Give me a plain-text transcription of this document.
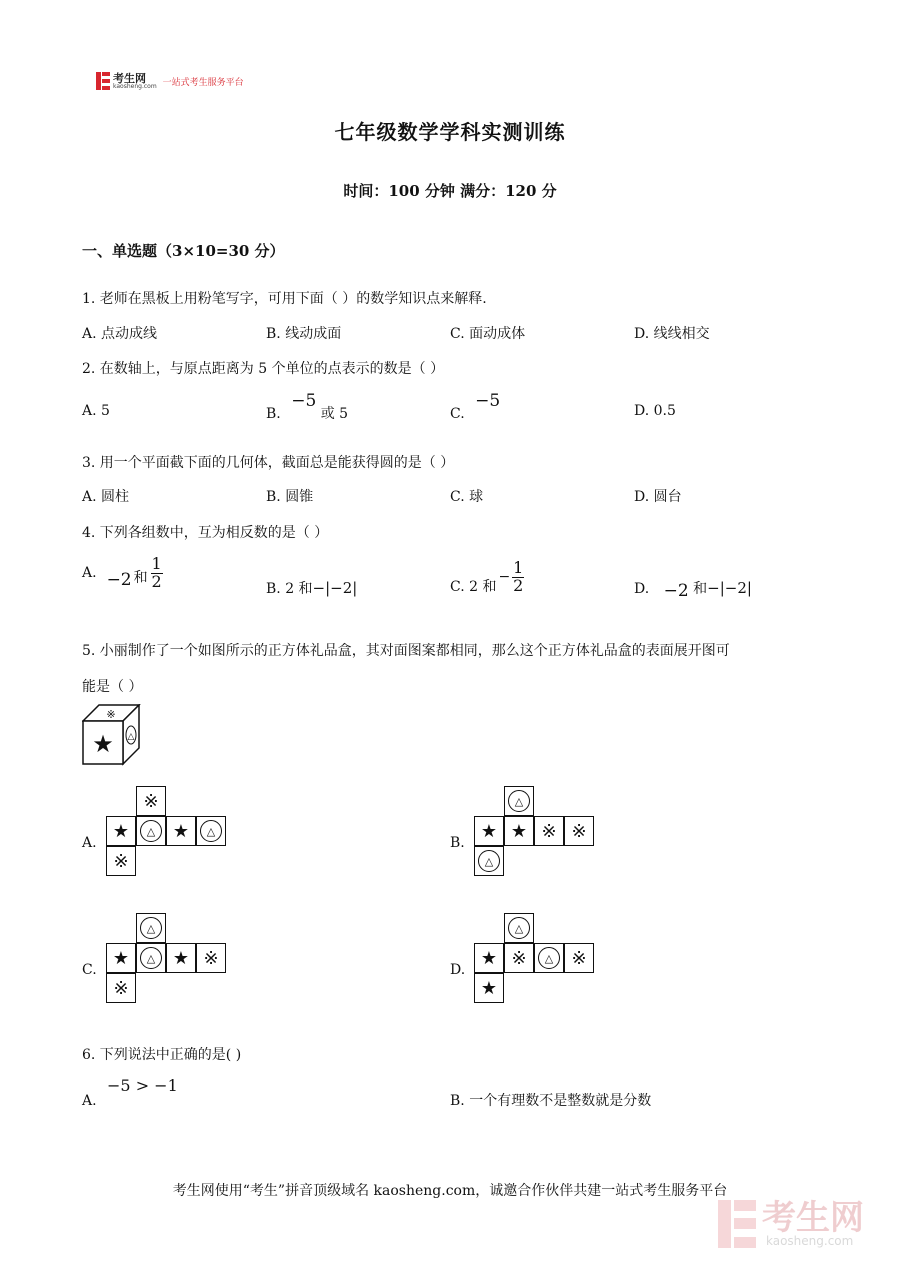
考生网
kaosheng.com 一站式考生服务平台
七年级数学学科实测训练
时间：100 分钟 满分：120 分
一、单选题（3×10=30 分）
1. 老师在黑板上用粉笔写字，可用下面（ ）的数学知识点来解释.
A. 点动成线	B. 线动成面	C. 面动成体	D. 线线相交
2. 在数轴上，与原点距离为 5 个单位的点表示的数是（ ）
A. 5	B. −5 或 5	C. −5	D. 0.5
3. 用一个平面截下面的几何体，截面总是能获得圆的是（ ）
A. 圆柱	B. 圆锥	C. 球	D. 圆台
4. 下列各组数中，互为相反数的是（ ）
A. −2 和 $\frac{1}{2}$	B. 2 和−|−2|	C. 2 和
− $\frac{1}{2}$	D. −2 和−|−2|
5. 小丽制作了一个如图所示的正方体礼品盒，其对面图案都相同，那么这个正方体礼品盒的表面展开图可
能是（ ）
※
★ △
A.
※
★	△ ★	△
※
B.
△
★ ★ ※ ※
△
C.
△
★	△ ★ ※
※
D.
△
★ ※	△	※
★
6. 下列说法中正确的是( )
A. −5 > −1
B. 一个有理数不是整数就是分数
考生网使用“考生”拼音顶级域名 kaosheng.com，诚邀合作伙伴共建一站式考生服务平台
考生网
kaosheng.com
